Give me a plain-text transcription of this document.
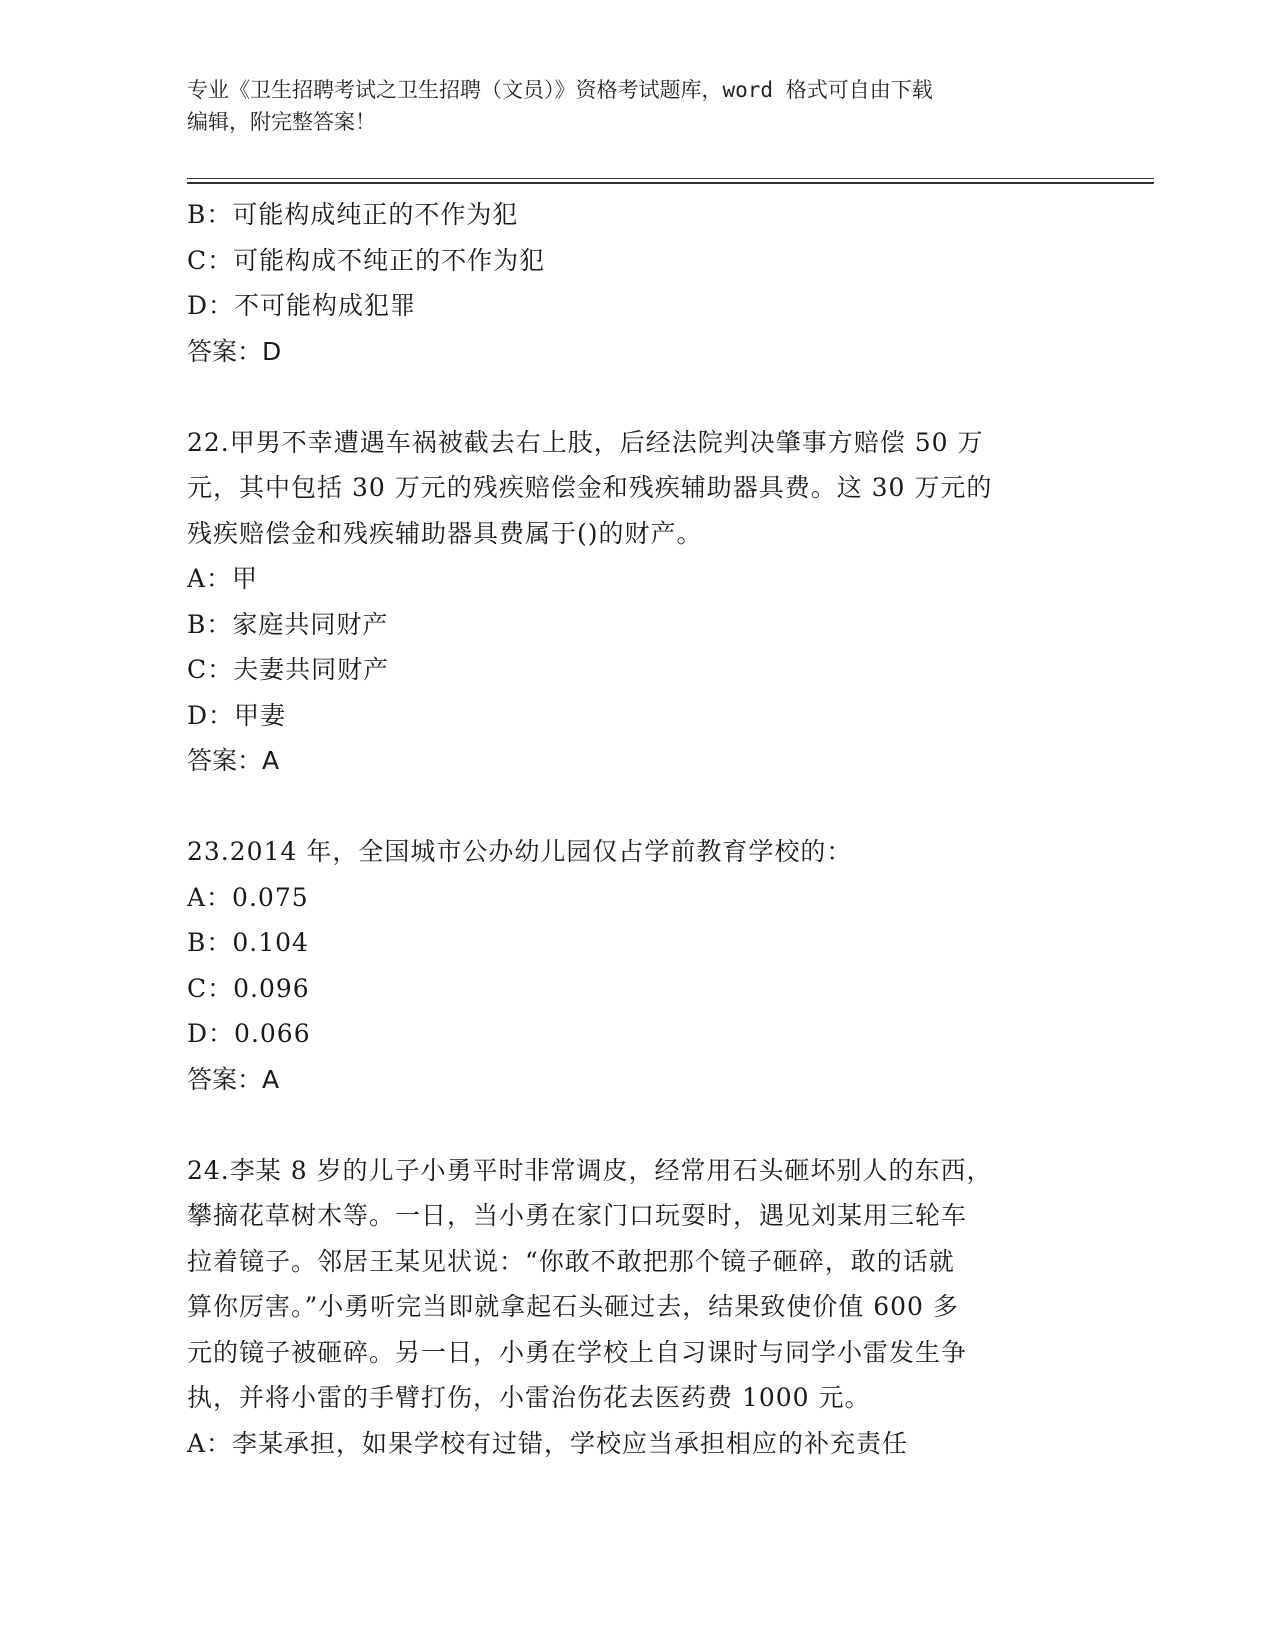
专业《卫生招聘考试之卫生招聘（文员）》资格考试题库，word 格式可自由下载
编辑，附完整答案！
B：可能构成纯正的不作为犯
C：可能构成不纯正的不作为犯
D：不可能构成犯罪
答案：D
22.甲男不幸遭遇车祸被截去右上肢，后经法院判决肇事方赔偿 50 万
元，其中包括 30 万元的残疾赔偿金和残疾辅助器具费。这 30 万元的
残疾赔偿金和残疾辅助器具费属于()的财产。
A：甲
B：家庭共同财产
C：夫妻共同财产
D：甲妻
答案：A
23.2014 年，全国城市公办幼儿园仅占学前教育学校的：
A：0.075
B：0.104
C：0.096
D：0.066
答案：A
24.李某 8 岁的儿子小勇平时非常调皮，经常用石头砸坏别人的东西，
攀摘花草树木等。一日，当小勇在家门口玩耍时，遇见刘某用三轮车
拉着镜子。邻居王某见状说：“你敢不敢把那个镜子砸碎，敢的话就
算你厉害。”小勇听完当即就拿起石头砸过去，结果致使价值 600 多
元的镜子被砸碎。另一日，小勇在学校上自习课时与同学小雷发生争
执，并将小雷的手臂打伤，小雷治伤花去医药费 1000 元。
A：李某承担，如果学校有过错，学校应当承担相应的补充责任
